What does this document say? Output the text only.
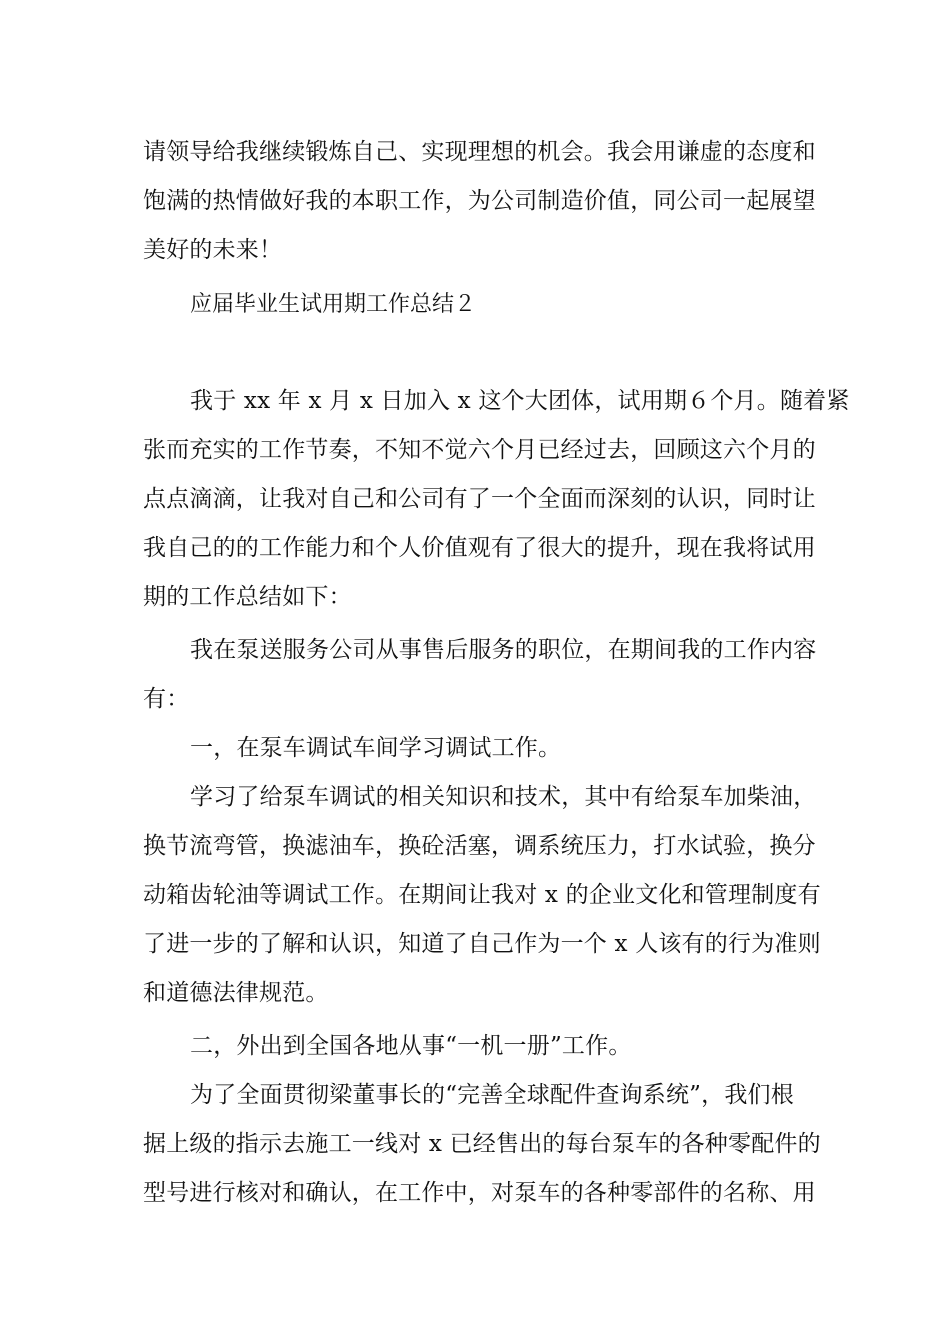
请领导给我继续锻炼自己、实现理想的机会。我会用谦虚的态度和
饱满的热情做好我的本职工作，为公司制造价值，同公司一起展望
美好的未来！
应届毕业生试用期工作总结２
我于 xx 年 x 月 x 日加入 x 这个大团体，试用期６个月。随着紧
张而充实的工作节奏，不知不觉六个月已经过去，回顾这六个月的
点点滴滴，让我对自己和公司有了一个全面而深刻的认识，同时让
我自己的的工作能力和个人价值观有了很大的提升，现在我将试用
期的工作总结如下：
我在泵送服务公司从事售后服务的职位，在期间我的工作内容
有：
一，在泵车调试车间学习调试工作。
学习了给泵车调试的相关知识和技术，其中有给泵车加柴油，
换节流弯管，换滤油车，换砼活塞，调系统压力，打水试验，换分
动箱齿轮油等调试工作。在期间让我对 x 的企业文化和管理制度有
了进一步的了解和认识，知道了自己作为一个 x 人该有的行为准则
和道德法律规范。
二，外出到全国各地从事“一机一册”工作。
为了全面贯彻梁董事长的“完善全球配件查询系统”，我们根
据上级的指示去施工一线对 x 已经售出的每台泵车的各种零配件的
型号进行核对和确认，在工作中，对泵车的各种零部件的名称、用
